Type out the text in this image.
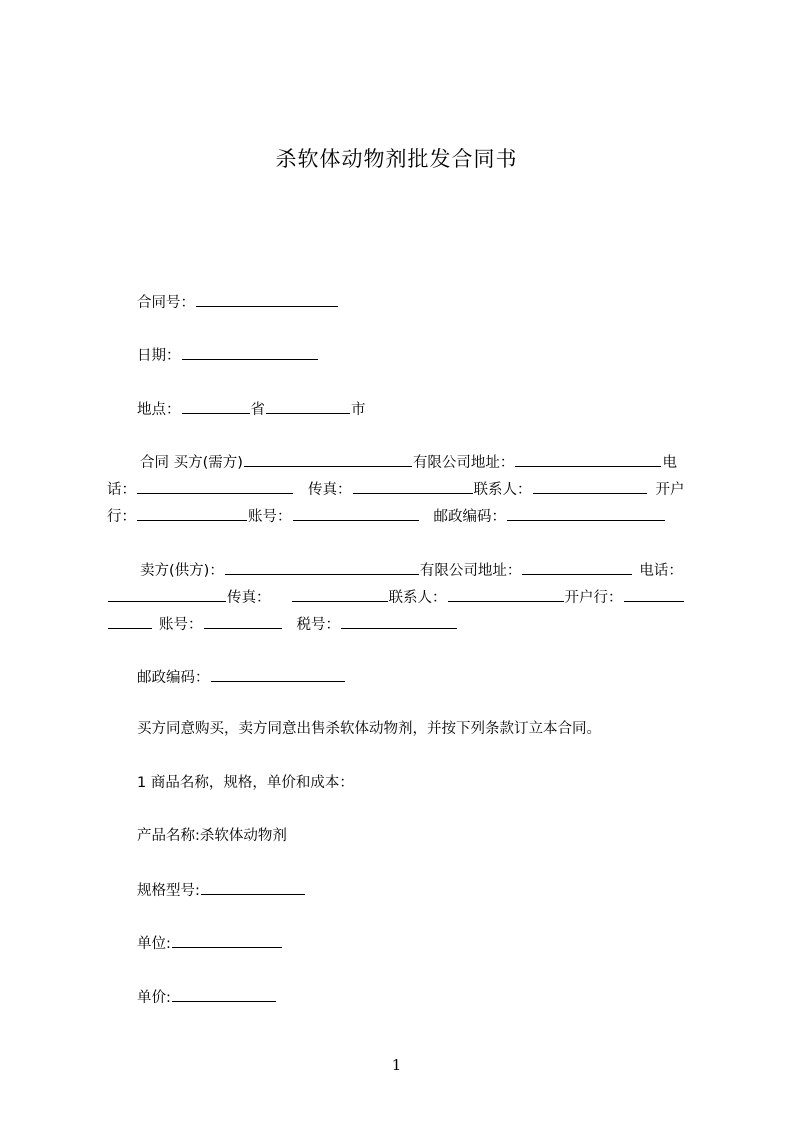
杀软体动物剂批发合同书
合同号：
日期：
地点：	省	市
合同 买方(需方)	有限公司地址：	电
话：	传真：	联系人：	开户
行：	账号：	邮政编码：
卖方(供方)：	有限公司地址：	电话：
传真：	联系人：	开户行：
账号：	税号：
邮政编码：
买方同意购买，卖方同意出售杀软体动物剂，并按下列条款订立本合同。
1 商品名称，规格，单价和成本：
产品名称:杀软体动物剂
规格型号:
单位:
单价:
1
